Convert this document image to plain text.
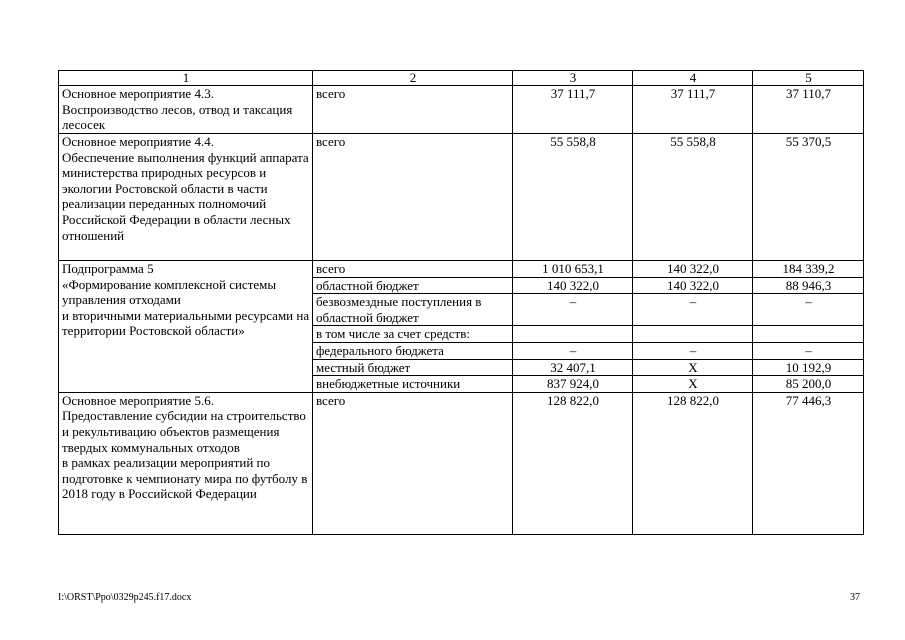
1	2	3	4	5
Основное мероприятие 4.3.
Воспроизводство лесов, отвод и таксация лесосек	всего	37 111,7	37 111,7	37 110,7
Основное мероприятие 4.4.
Обеспечение выполнения функций аппарата министерства природных ресурсов и экологии Ростовской области в части реализации переданных полномочий Российской Федерации в области лесных отношений	всего	55 558,8	55 558,8	55 370,5
Подпрограмма 5
«Формирование комплексной системы управления отходами
и вторичными материальными ресурсами на территории Ростовской области»	всего	1 010 653,1	140 322,0	184 339,2
	областной бюджет	140 322,0	140 322,0	88 946,3
	безвозмездные поступления в областной бюджет	–	–	–
	в том числе за счет средств:			
	федерального бюджета	–	–	–
	местный бюджет	32 407,1	Х	10 192,9
	внебюджетные источники	837 924,0	Х	85 200,0
Основное мероприятие 5.6.
Предоставление субсидии на строительство и рекультивацию объектов размещения твердых коммунальных отходов
в рамках реализации мероприятий по подготовке к чемпионату мира по футболу в 2018 году в Российской Федерации	всего	128 822,0	128 822,0	77 446,3
I:\ORST\Ppo\0329p245.f17.docx	37
